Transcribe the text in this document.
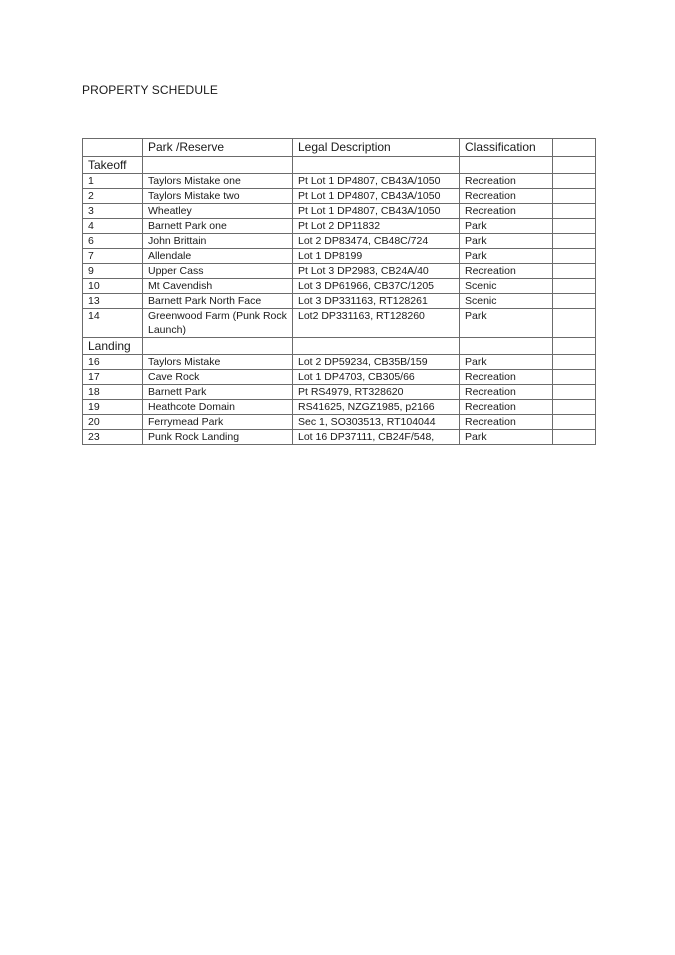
PROPERTY SCHEDULE
	Park /Reserve	Legal Description	Classification	
Takeoff				
1	Taylors Mistake one	Pt Lot 1 DP4807, CB43A/1050	Recreation	
2	Taylors Mistake two	Pt Lot 1 DP4807, CB43A/1050	Recreation	
3	Wheatley	Pt Lot 1 DP4807, CB43A/1050	Recreation	
4	Barnett Park one	Pt Lot 2 DP11832	Park	
6	John Brittain	Lot 2 DP83474, CB48C/724	Park	
7	Allendale	Lot 1 DP8199	Park	
9	Upper Cass	Pt Lot 3 DP2983, CB24A/40	Recreation	
10	Mt Cavendish	Lot 3 DP61966, CB37C/1205	Scenic	
13	Barnett Park North Face	Lot 3 DP331163, RT128261	Scenic	
14	Greenwood Farm (Punk Rock Launch)	Lot2 DP331163, RT128260	Park	
Landing				
16	Taylors Mistake	Lot 2 DP59234, CB35B/159	Park	
17	Cave Rock	Lot 1 DP4703, CB305/66	Recreation	
18	Barnett Park	Pt RS4979, RT328620	Recreation	
19	Heathcote Domain	RS41625, NZGZ1985, p2166	Recreation	
20	Ferrymead Park	Sec 1, SO303513, RT104044	Recreation	
23	Punk Rock Landing	Lot 16 DP37111, CB24F/548,	Park	
